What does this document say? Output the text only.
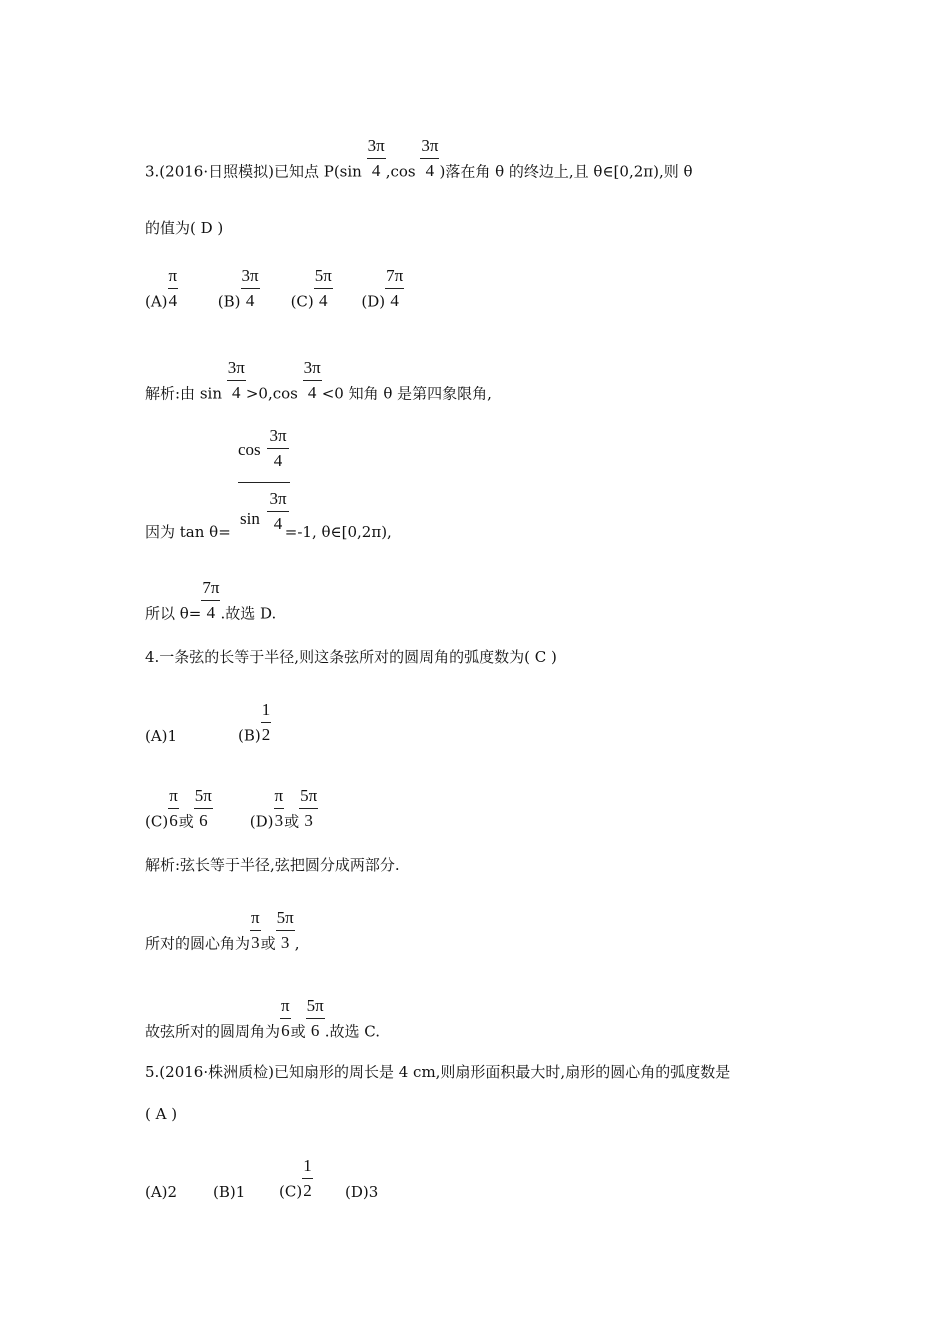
3.(2016·日照模拟)已知点 $P(\sin \frac{3\pi}{4} ,\cos \frac{3\pi}{4}$ )落在角 θ 的终边上,且 θ∈[0,2π),则 θ
的值为( D )
$(A) \frac{\pi}{4}$	$(B) \frac{3\pi}{4} (C) \frac{5\pi}{4} (D) \frac{7\pi}{4}$
解析:由 $\sin \frac{3\pi}{4} >0,\cos \frac{3\pi}{4} <0$ 知角 θ 是第四象限角,
cos
3π
4
sin
3π
4
因为 tan θ=	=-1, θ∈[0,2π),
所以 $\theta= \frac{7\pi}{4}$ .故选 D.
4.一条弦的长等于半径,则这条弦所对的圆周角的弧度数为( C )
(A)1	$(B) \frac{1}{2}$
$(C) \frac{\pi}{6}$ 或 $\frac{5\pi}{6} (D) \frac{\pi}{3}$ 或 $\frac{5\pi}{3}$
解析:弦长等于半径,弦把圆分成两部分.
所对的圆心角为 $\frac{\pi}{3}$ 或 $\frac{5\pi}{3}$ ,
故弦所对的圆周角为 $\frac{\pi}{6}$ 或 $\frac{5\pi}{6}$ .故选 C.
5.(2016·株洲质检)已知扇形的周长是 4 cm,则扇形面积最大时,扇形的圆心角的弧度数是
( A )
(A)2 (B)1 $(C) \frac{1}{2} (D)3$
